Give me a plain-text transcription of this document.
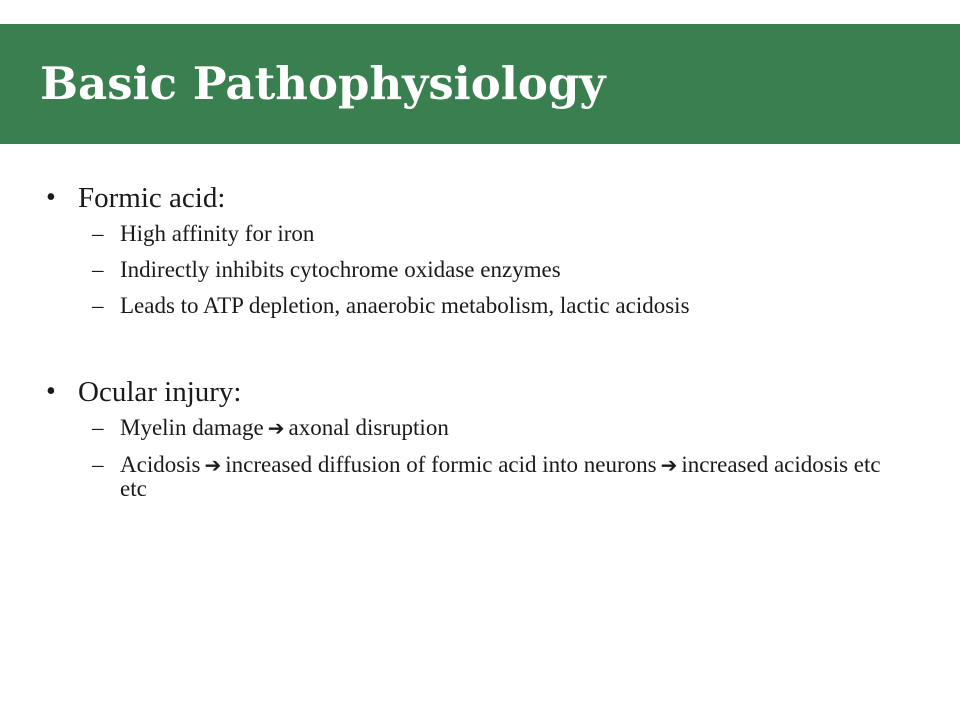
Basic Pathophysiology
• Formic acid:
– High affinity for iron
– Indirectly inhibits cytochrome oxidase enzymes
– Leads to ATP depletion, anaerobic metabolism, lactic acidosis
• Ocular injury:
– Myelin damage ➔ axonal disruption
– Acidosis ➔ increased diffusion of formic acid into neurons ➔ increased acidosis etc etc
